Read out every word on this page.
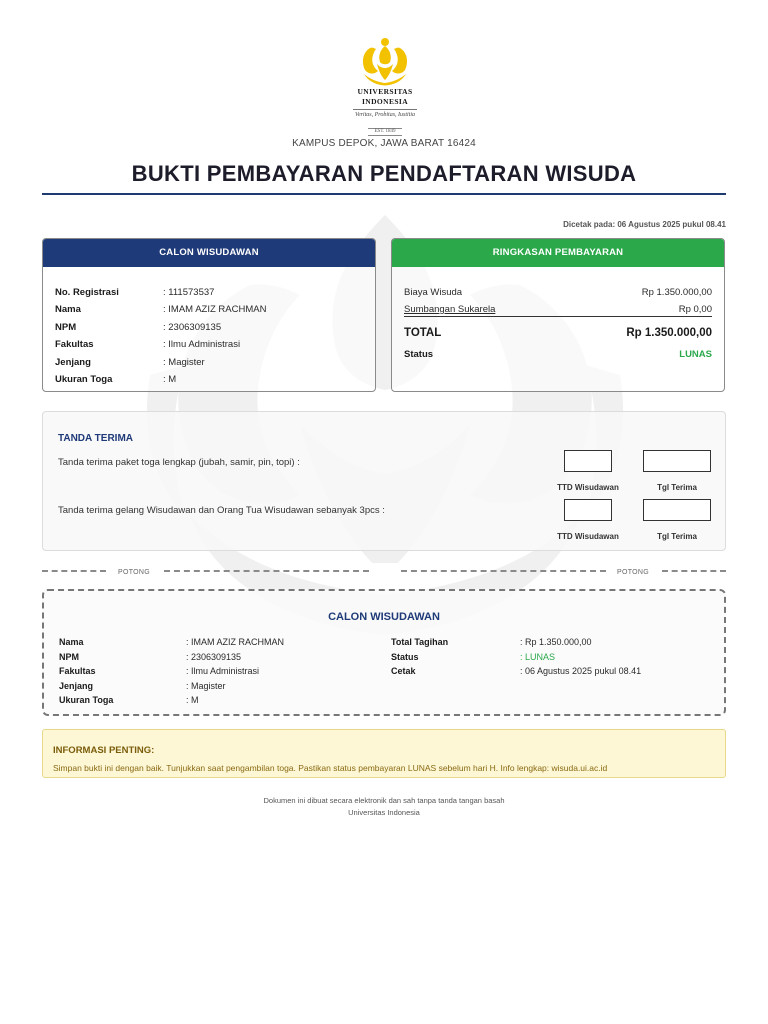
UNIVERSITAS
INDONESIA
Veritas, Probitas, Iustitia
EST. 1849
KAMPUS DEPOK, JAWA BARAT 16424
BUKTI PEMBAYARAN PENDAFTARAN WISUDA
Dicetak pada: 06 Agustus 2025 pukul 08.41
CALON WISUDAWAN
No. Registrasi	: 111573537
Nama	: IMAM AZIZ RACHMAN
NPM	: 2306309135
Fakultas	: Ilmu Administrasi
Jenjang	: Magister
Ukuran Toga	: M
RINGKASAN PEMBAYARAN
Biaya Wisuda	Rp 1.350.000,00
Sumbangan Sukarela	Rp 0,00
TOTAL	Rp 1.350.000,00
Status	LUNAS
TANDA TERIMA
Tanda terima paket toga lengkap (jubah, samir, pin, topi) :
Tanda terima gelang Wisudawan dan Orang Tua Wisudawan sebanyak 3pcs :
TTD Wisudawan	Tgl Terima
TTD Wisudawan	Tgl Terima
POTONG	POTONG
CALON WISUDAWAN
Nama	: IMAM AZIZ RACHMAN
NPM	: 2306309135
Fakultas	: Ilmu Administrasi
Jenjang	: Magister
Ukuran Toga	: M
Total Tagihan	: Rp 1.350.000,00
Status	: LUNAS
Cetak	: 06 Agustus 2025 pukul 08.41
INFORMASI PENTING:
Simpan bukti ini dengan baik. Tunjukkan saat pengambilan toga. Pastikan status pembayaran LUNAS sebelum hari H. Info lengkap: wisuda.ui.ac.id
Dokumen ini dibuat secara elektronik dan sah tanpa tanda tangan basah
Universitas Indonesia
